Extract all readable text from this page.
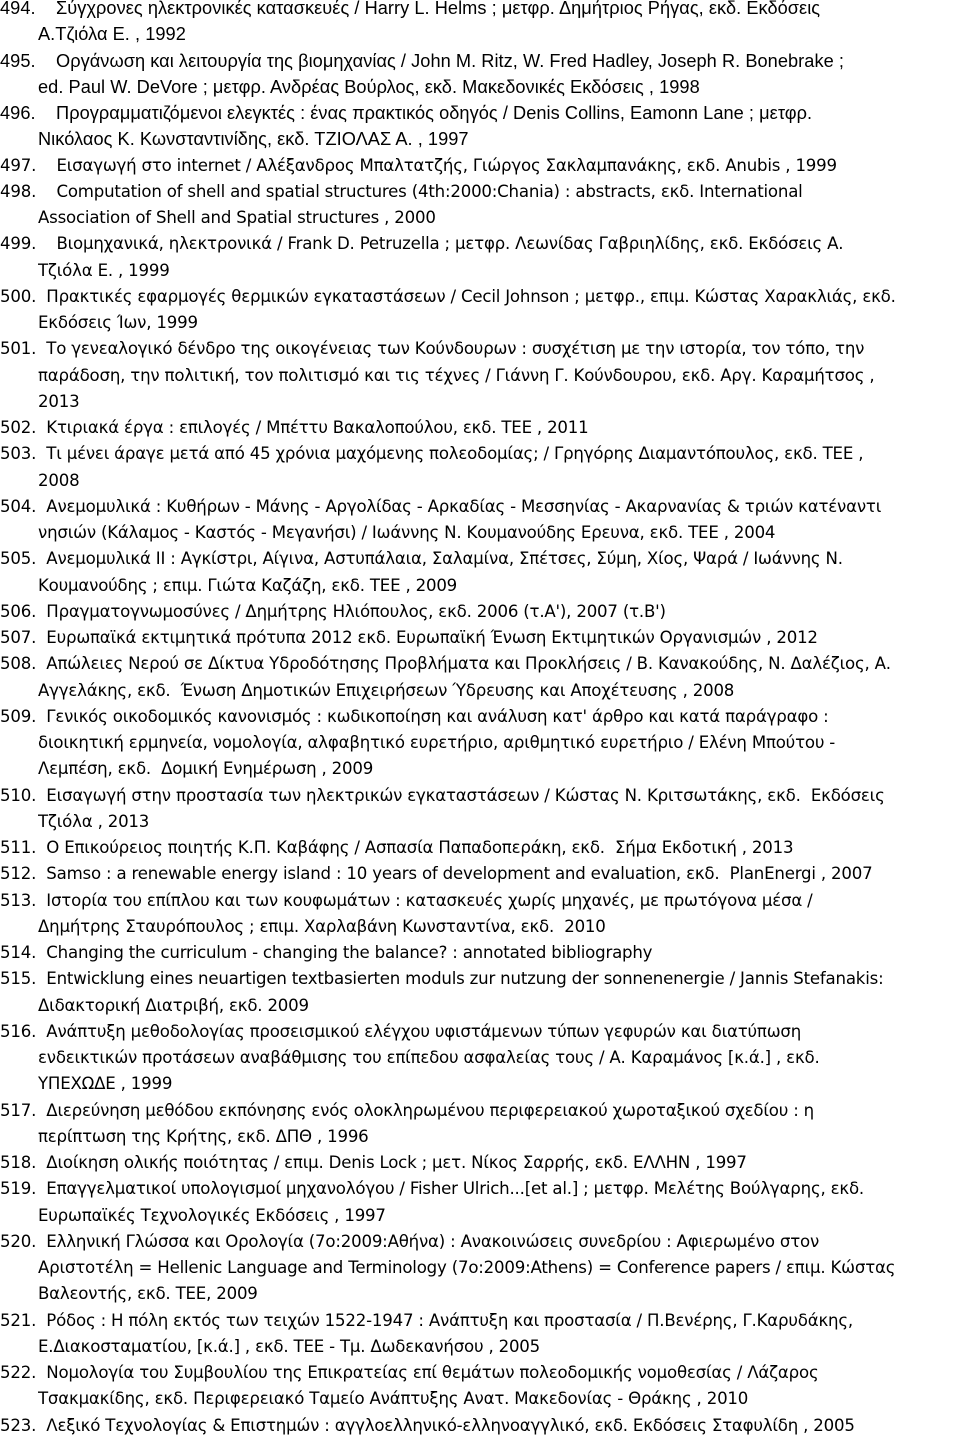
494.    Σύγχρονες ηλεκτρονικές κατασκευές / Harry L. Helms ; μετφρ. Δημήτριος Ρήγας, εκδ. Εκδόσεις
Α.Τζιόλα Ε. , 1992
495.    Οργάνωση και λειτουργία της βιομηχανίας / John M. Ritz, W. Fred Hadley, Joseph R. Bonebrake ;
ed. Paul W. DeVore ; μετφρ. Ανδρέας Βούρλος, εκδ. Μακεδονικές Εκδόσεις , 1998
496.    Προγραμματιζόμενοι ελεγκτές : ένας πρακτικός οδηγός / Denis Collins, Eamonn Lane ; μετφρ.
Νικόλαος Κ. Κωνσταντινίδης, εκδ. ΤΖΙΟΛΑΣ Α. , 1997
497.    Εισαγωγή στο internet / Αλέξανδρος Μπαλτατζής, Γιώργος Σακλαμπανάκης, εκδ. Anubis , 1999
498.    Computation of shell and spatial structures (4th:2000:Chania) : abstracts, εκδ. International
Association of Shell and Spatial structures , 2000
499.    Βιομηχανικά, ηλεκτρονικά / Frank D. Petruzella ; μετφρ. Λεωνίδας Γαβριηλίδης, εκδ. Εκδόσεις Α.
Τζιόλα Ε. , 1999
500.  Πρακτικές εφαρμογές θερμικών εγκαταστάσεων / Cecil Johnson ; μετφρ., επιμ. Κώστας Χαρακλιάς, εκδ.
Εκδόσεις Ίων, 1999
501.  Το γενεαλογικό δένδρο της οικογένειας των Κούνδουρων : συσχέτιση με την ιστορία, τον τόπο, την
παράδοση, την πολιτική, τον πολιτισμό και τις τέχνες / Γιάννη Γ. Κούνδουρου, εκδ. Αργ. Καραμήτσος ,
2013
502.  Κτιριακά έργα : επιλογές / Μπέττυ Βακαλοπούλου, εκδ. ΤΕΕ , 2011
503.  Τι μένει άραγε μετά από 45 χρόνια μαχόμενης πολεοδομίας; / Γρηγόρης Διαμαντόπουλος, εκδ. ΤΕΕ ,
2008
504.  Ανεμομυλικά : Κυθήρων - Μάνης - Αργολίδας - Αρκαδίας - Μεσσηνίας - Ακαρνανίας & τριών κατέναντι
νησιών (Κάλαμος - Καστός - Μεγανήσι) / Ιωάννης Ν. Κουμανούδης Ερευνα, εκδ. ΤΕΕ , 2004
505.  Ανεμομυλικά ΙΙ : Αγκίστρι, Αίγινα, Αστυπάλαια, Σαλαμίνα, Σπέτσες, Σύμη, Χίος, Ψαρά / Ιωάννης Ν.
Κουμανούδης ; επιμ. Γιώτα Καζάζη, εκδ. ΤΕΕ , 2009
506.  Πραγματογνωμοσύνες / Δημήτρης Ηλιόπουλος, εκδ. 2006 (τ.Α'), 2007 (τ.Β')
507.  Ευρωπαϊκά εκτιμητικά πρότυπα 2012 εκδ. Ευρωπαϊκή Ένωση Εκτιμητικών Οργανισμών , 2012
508.  Απώλειες Νερού σε Δίκτυα Υδροδότησης Προβλήματα και Προκλήσεις / Β. Κανακούδης, Ν. Δαλέζιος, Α.
Αγγελάκης, εκδ.  Ένωση Δημοτικών Επιχειρήσεων Ύδρευσης και Αποχέτευσης , 2008
509.  Γενικός οικοδομικός κανονισμός : κωδικοποίηση και ανάλυση κατ' άρθρο και κατά παράγραφο :
διοικητική ερμηνεία, νομολογία, αλφαβητικό ευρετήριο, αριθμητικό ευρετήριο / Ελένη Μπούτου -
Λεμπέση, εκδ.  Δομική Ενημέρωση , 2009
510.  Εισαγωγή στην προστασία των ηλεκτρικών εγκαταστάσεων / Κώστας Ν. Κριτσωτάκης, εκδ.  Εκδόσεις
Τζιόλα , 2013
511.  Ο Επικούρειος ποιητής Κ.Π. Καβάφης / Ασπασία Παπαδοπεράκη, εκδ.  Σήμα Εκδοτική , 2013
512.  Samso : a renewable energy island : 10 years of development and evaluation, εκδ.  PlanEnergi , 2007
513.  Ιστορία του επίπλου και των κουφωμάτων : κατασκευές χωρίς μηχανές, με πρωτόγονα μέσα /
Δημήτρης Σταυρόπουλος ; επιμ. Χαρλαβάνη Κωνσταντίνα, εκδ.  2010
514.  Changing the curriculum - changing the balance? : annotated bibliography
515.  Entwicklung eines neuartigen textbasierten moduls zur nutzung der sonnenenergie / Jannis Stefanakis:
Διδακτορική Διατριβή, εκδ. 2009
516.  Ανάπτυξη μεθοδολογίας προσεισμικού ελέγχου υφιστάμενων τύπων γεφυρών και διατύπωση
ενδεικτικών προτάσεων αναβάθμισης του επίπεδου ασφαλείας τους / Α. Καραμάνος [κ.ά.] , εκδ.
ΥΠΕΧΩΔΕ , 1999
517.  Διερεύνηση μεθόδου εκπόνησης ενός ολοκληρωμένου περιφερειακού χωροταξικού σχεδίου : η
περίπτωση της Κρήτης, εκδ. ΔΠΘ , 1996
518.  Διοίκηση ολικής ποιότητας / επιμ. Denis Lock ; μετ. Νίκος Σαρρής, εκδ. ΕΛΛΗΝ , 1997
519.  Επαγγελματικοί υπολογισμοί μηχανολόγου / Fisher Ulrich...[et al.] ; μετφρ. Μελέτης Βούλγαρης, εκδ.
Ευρωπαϊκές Τεχνολογικές Εκδόσεις , 1997
520.  Ελληνική Γλώσσα και Ορολογία (7ο:2009:Αθήνα) : Ανακοινώσεις συνεδρίου : Αφιερωμένο στον
Αριστοτέλη = Hellenic Language and Terminology (7o:2009:Athens) = Conference papers / επιμ. Κώστας
Βαλεοντής, εκδ. ΤΕΕ, 2009
521.  Ρόδος : Η πόλη εκτός των τειχών 1522-1947 : Ανάπτυξη και προστασία / Π.Βενέρης, Γ.Καρυδάκης,
Ε.Διακοσταματίου, [κ.ά.] , εκδ. ΤΕΕ - Τμ. Δωδεκανήσου , 2005
522.  Νομολογία του Συμβουλίου της Επικρατείας επί θεμάτων πολεοδομικής νομοθεσίας / Λάζαρος
Τσακμακίδης, εκδ. Περιφερειακό Ταμείο Ανάπτυξης Ανατ. Μακεδονίας - Θράκης , 2010
523.  Λεξικό Τεχνολογίας & Επιστημών : αγγλοελληνικό-ελληνοαγγλικό, εκδ. Εκδόσεις Σταφυλίδη , 2005
